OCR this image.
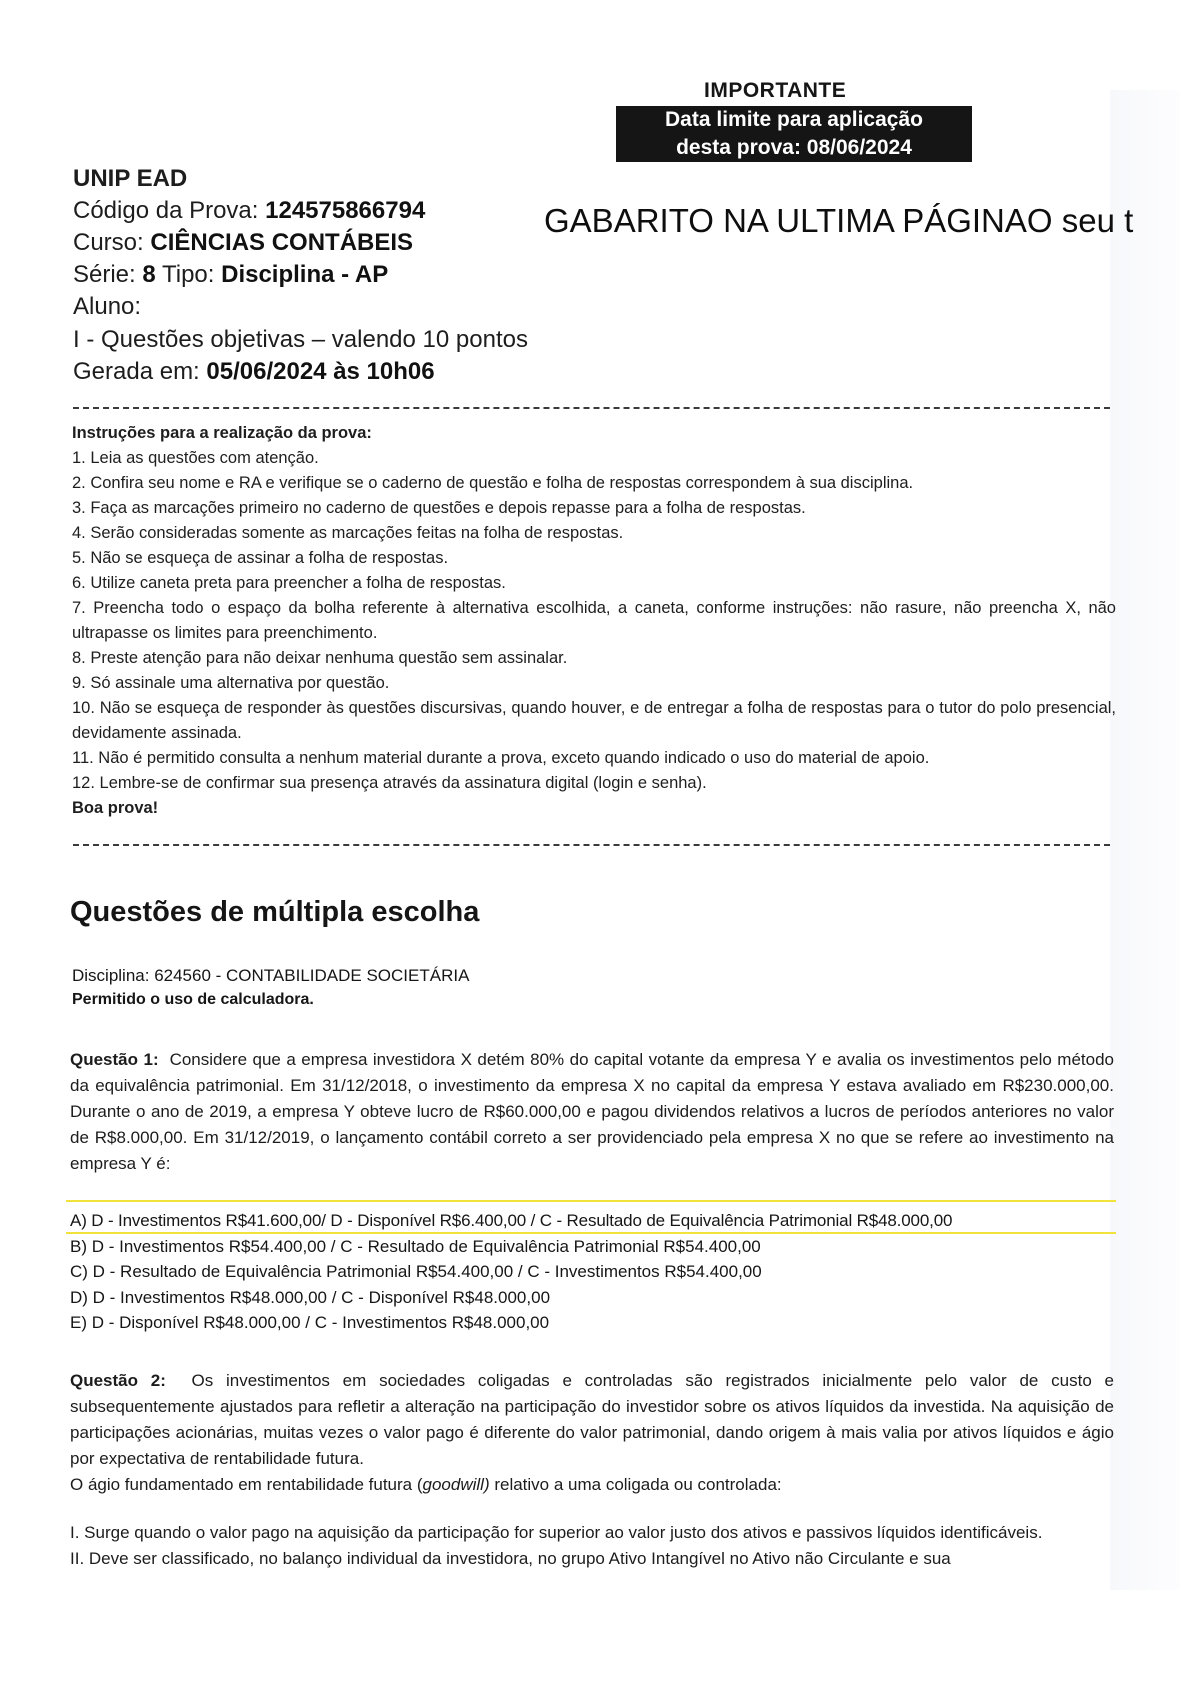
IMPORTANTE
Data limite para aplicação
desta prova: 08/06/2024
GABARITO NA ULTIMA PÁGINAO seu t
UNIP EAD
Código da Prova: 124575866794
Curso: CIÊNCIAS CONTÁBEIS
Série: 8 Tipo: Disciplina - AP
Aluno:
I - Questões objetivas – valendo 10 pontos
Gerada em: 05/06/2024 às 10h06

Instruções para a realização da prova:

1. Leia as questões com atenção.

2. Confira seu nome e RA e verifique se o caderno de questão e folha de respostas correspondem à sua disciplina.

3. Faça as marcações primeiro no caderno de questões e depois repasse para a folha de respostas.

4. Serão consideradas somente as marcações feitas na folha de respostas.

5. Não se esqueça de assinar a folha de respostas.

6. Utilize caneta preta para preencher a folha de respostas.

7. Preencha todo o espaço da bolha referente à alternativa escolhida, a caneta, conforme instruções: não rasure, não preencha X, não ultrapasse os limites para preenchimento.

8. Preste atenção para não deixar nenhuma questão sem assinalar.

9. Só assinale uma alternativa por questão.

10. Não se esqueça de responder às questões discursivas, quando houver, e de entregar a folha de respostas para o tutor do polo presencial, devidamente assinada.

11. Não é permitido consulta a nenhum material durante a prova, exceto quando indicado o uso do material de apoio.

12. Lembre-se de confirmar sua presença através da assinatura digital (login e senha).

Boa prova!

Questões de múltipla escolha
Disciplina: 624560 - CONTABILIDADE SOCIETÁRIA
Permitido o uso de calculadora.

Questão 1: Considere que a empresa investidora X detém 80% do capital votante da empresa Y e avalia os investimentos pelo método da equivalência patrimonial. Em 31/12/2018, o investimento da empresa X no capital da empresa Y estava avaliado em R$230.000,00. Durante o ano de 2019, a empresa Y obteve lucro de R$60.000,00 e pagou dividendos relativos a lucros de períodos anteriores no valor de R$8.000,00. Em 31/12/2019, o lançamento contábil correto a ser providenciado pela empresa X no que se refere ao investimento na empresa Y é:

A) D - Investimentos R$41.600,00/ D - Disponível R$6.400,00 / C - Resultado de Equivalência Patrimonial R$48.000,00

B) D - Investimentos R$54.400,00 / C - Resultado de Equivalência Patrimonial R$54.400,00

C) D - Resultado de Equivalência Patrimonial R$54.400,00 / C - Investimentos R$54.400,00

D) D - Investimentos R$48.000,00 / C - Disponível R$48.000,00

E) D - Disponível R$48.000,00 / C - Investimentos R$48.000,00

Questão 2: Os investimentos em sociedades coligadas e controladas são registrados inicialmente pelo valor de custo e subsequentemente ajustados para refletir a alteração na participação do investidor sobre os ativos líquidos da investida. Na aquisição de participações acionárias, muitas vezes o valor pago é diferente do valor patrimonial, dando origem à mais valia por ativos líquidos e ágio por expectativa de rentabilidade futura.

O ágio fundamentado em rentabilidade futura (goodwill) relativo a uma coligada ou controlada:

I. Surge quando o valor pago na aquisição da participação for superior ao valor justo dos ativos e passivos líquidos identificáveis.

II. Deve ser classificado, no balanço individual da investidora, no grupo Ativo Intangível no Ativo não Circulante e sua
